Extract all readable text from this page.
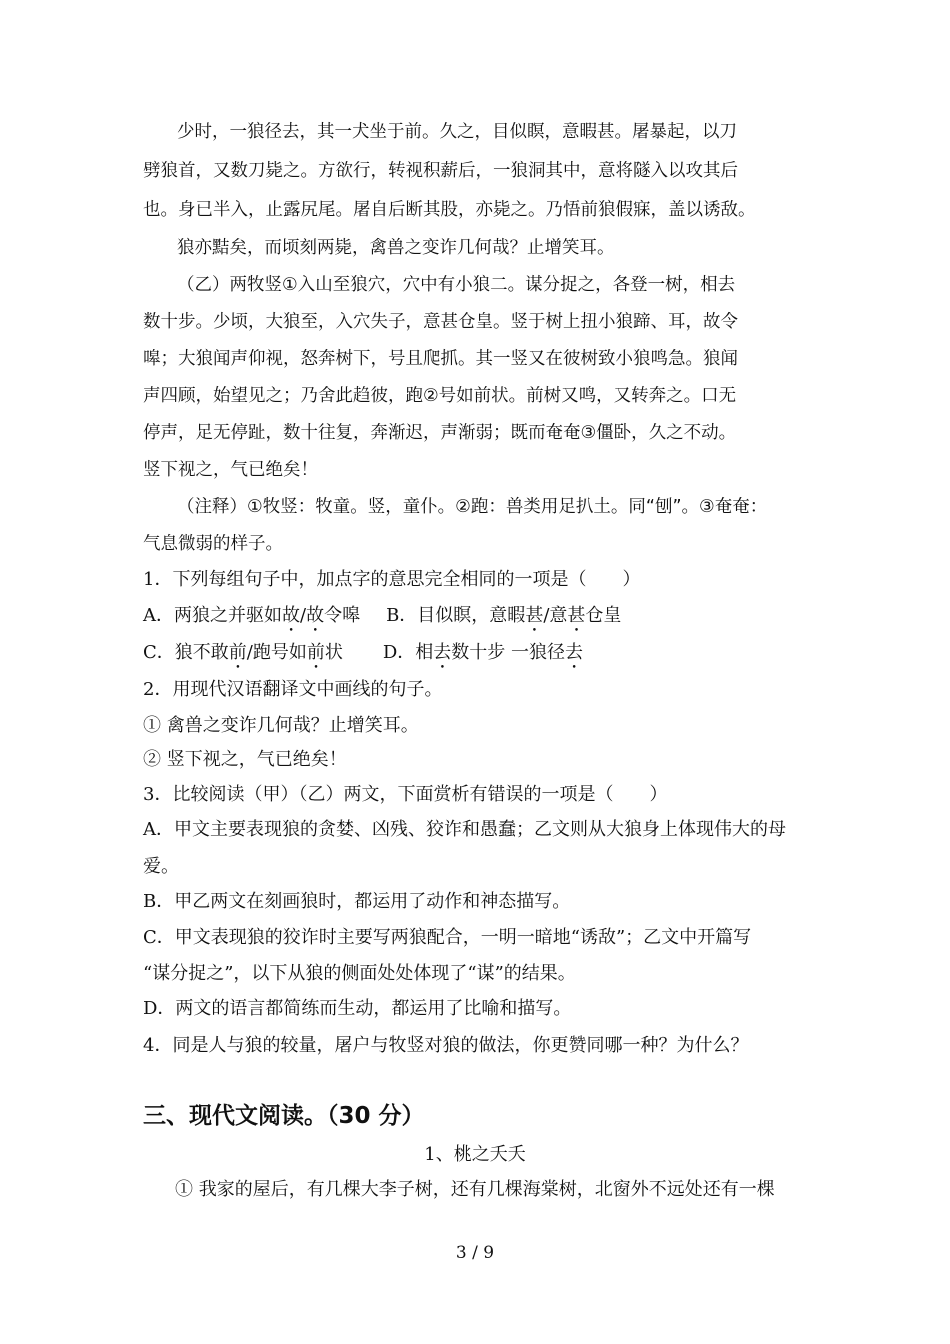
少时，一狼径去，其一犬坐于前。久之，目似瞑，意暇甚。屠暴起，以刀
劈狼首，又数刀毙之。方欲行，转视积薪后，一狼洞其中，意将隧入以攻其后
也。身已半入，止露尻尾。屠自后断其股，亦毙之。乃悟前狼假寐，盖以诱敌。
狼亦黠矣，而顷刻两毙，禽兽之变诈几何哉？止增笑耳。
（乙）两牧竖①入山至狼穴，穴中有小狼二。谋分捉之，各登一树，相去
数十步。少顷，大狼至，入穴失子，意甚仓皇。竖于树上扭小狼蹄、耳，故令
嗥；大狼闻声仰视，怒奔树下，号且爬抓。其一竖又在彼树致小狼鸣急。狼闻
声四顾，始望见之；乃舍此趋彼，跑②号如前状。前树又鸣，又转奔之。口无
停声，足无停趾，数十往复，奔渐迟，声渐弱；既而奄奄③僵卧，久之不动。
竖下视之，气已绝矣！
（注释）①牧竖：牧童。竖，童仆。②跑：兽类用足扒土。同“刨”。③奄奄：
气息微弱的样子。
1．下列每组句子中，加点字的意思完全相同的一项是（　　）
A．两狼之并驱如故/故令嗥 B．目似瞑，意暇甚/意甚仓皇
C．狼不敢前/跑号如前状 D．相去数十步 一狼径去
2．用现代汉语翻译文中画线的句子。
① 禽兽之变诈几何哉？止增笑耳。
② 竖下视之，气已绝矣！
3．比较阅读（甲）（乙）两文，下面赏析有错误的一项是（　　）
A．甲文主要表现狼的贪婪、凶残、狡诈和愚蠢；乙文则从大狼身上体现伟大的母
爱。
B．甲乙两文在刻画狼时，都运用了动作和神态描写。
C．甲文表现狼的狡诈时主要写两狼配合，一明一暗地“诱敌”；乙文中开篇写
“谋分捉之”，以下从狼的侧面处处体现了“谋”的结果。
D．两文的语言都简练而生动，都运用了比喻和描写。
4．同是人与狼的较量，屠户与牧竖对狼的做法，你更赞同哪一种？为什么？
三、现代文阅读。（30 分）
1、桃之夭夭
① 我家的屋后，有几棵大李子树，还有几棵海棠树，北窗外不远处还有一棵
3 / 9
